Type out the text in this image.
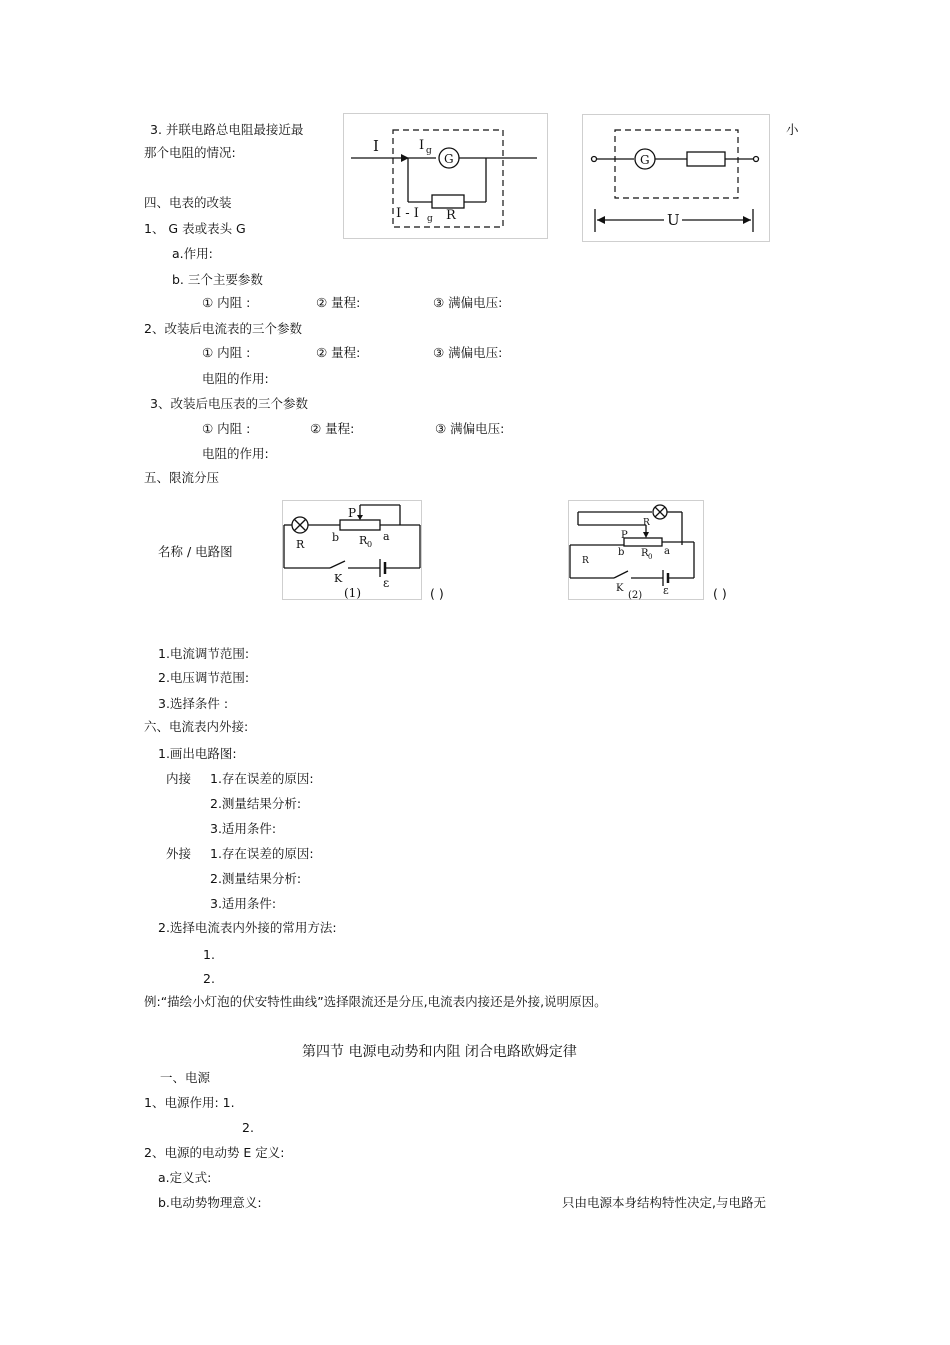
3. 并联电路总电阻最接近最	小
那个电阻的情况:
四、电表的改装
1、 G 表或表头 G
a.作用:
b. 三个主要参数
① 内阻 :	② 量程:	③ 满偏电压:
2、改装后电流表的三个参数
① 内阻 :	② 量程:	③ 满偏电压:
电阻的作用:
3、改装后电压表的三个参数
① 内阻 :	② 量程:	③ 满偏电压:
电阻的作用:
五、限流分压
名称 / 电路图
( )	( )
1.电流调节范围:
2.电压调节范围:
3.选择条件 :
六、电流表内外接:
1.画出电路图:
内接 1.存在误差的原因:
2.测量结果分析:
3.适用条件:
外接 1.存在误差的原因:
2.测量结果分析:
3.适用条件:
2.选择电流表内外接的常用方法:
1.
2.
例:“描绘小灯泡的伏安特性曲线”选择限流还是分压,电流表内接还是外接,说明原因。
第四节 电源电动势和内阻 闭合电路欧姆定律
一、电源
1、电源作用: 1.
2.
2、电源的电动势 E 定义:
a.定义式:
b.电动势物理意义:	只由电源本身结构特性决定,与电路无
I
G
I g
I - I g R
G
U
R
P
b R 0
a
K	ε
(1)
R
P
b R 0 a
R
K	ε
(2)
